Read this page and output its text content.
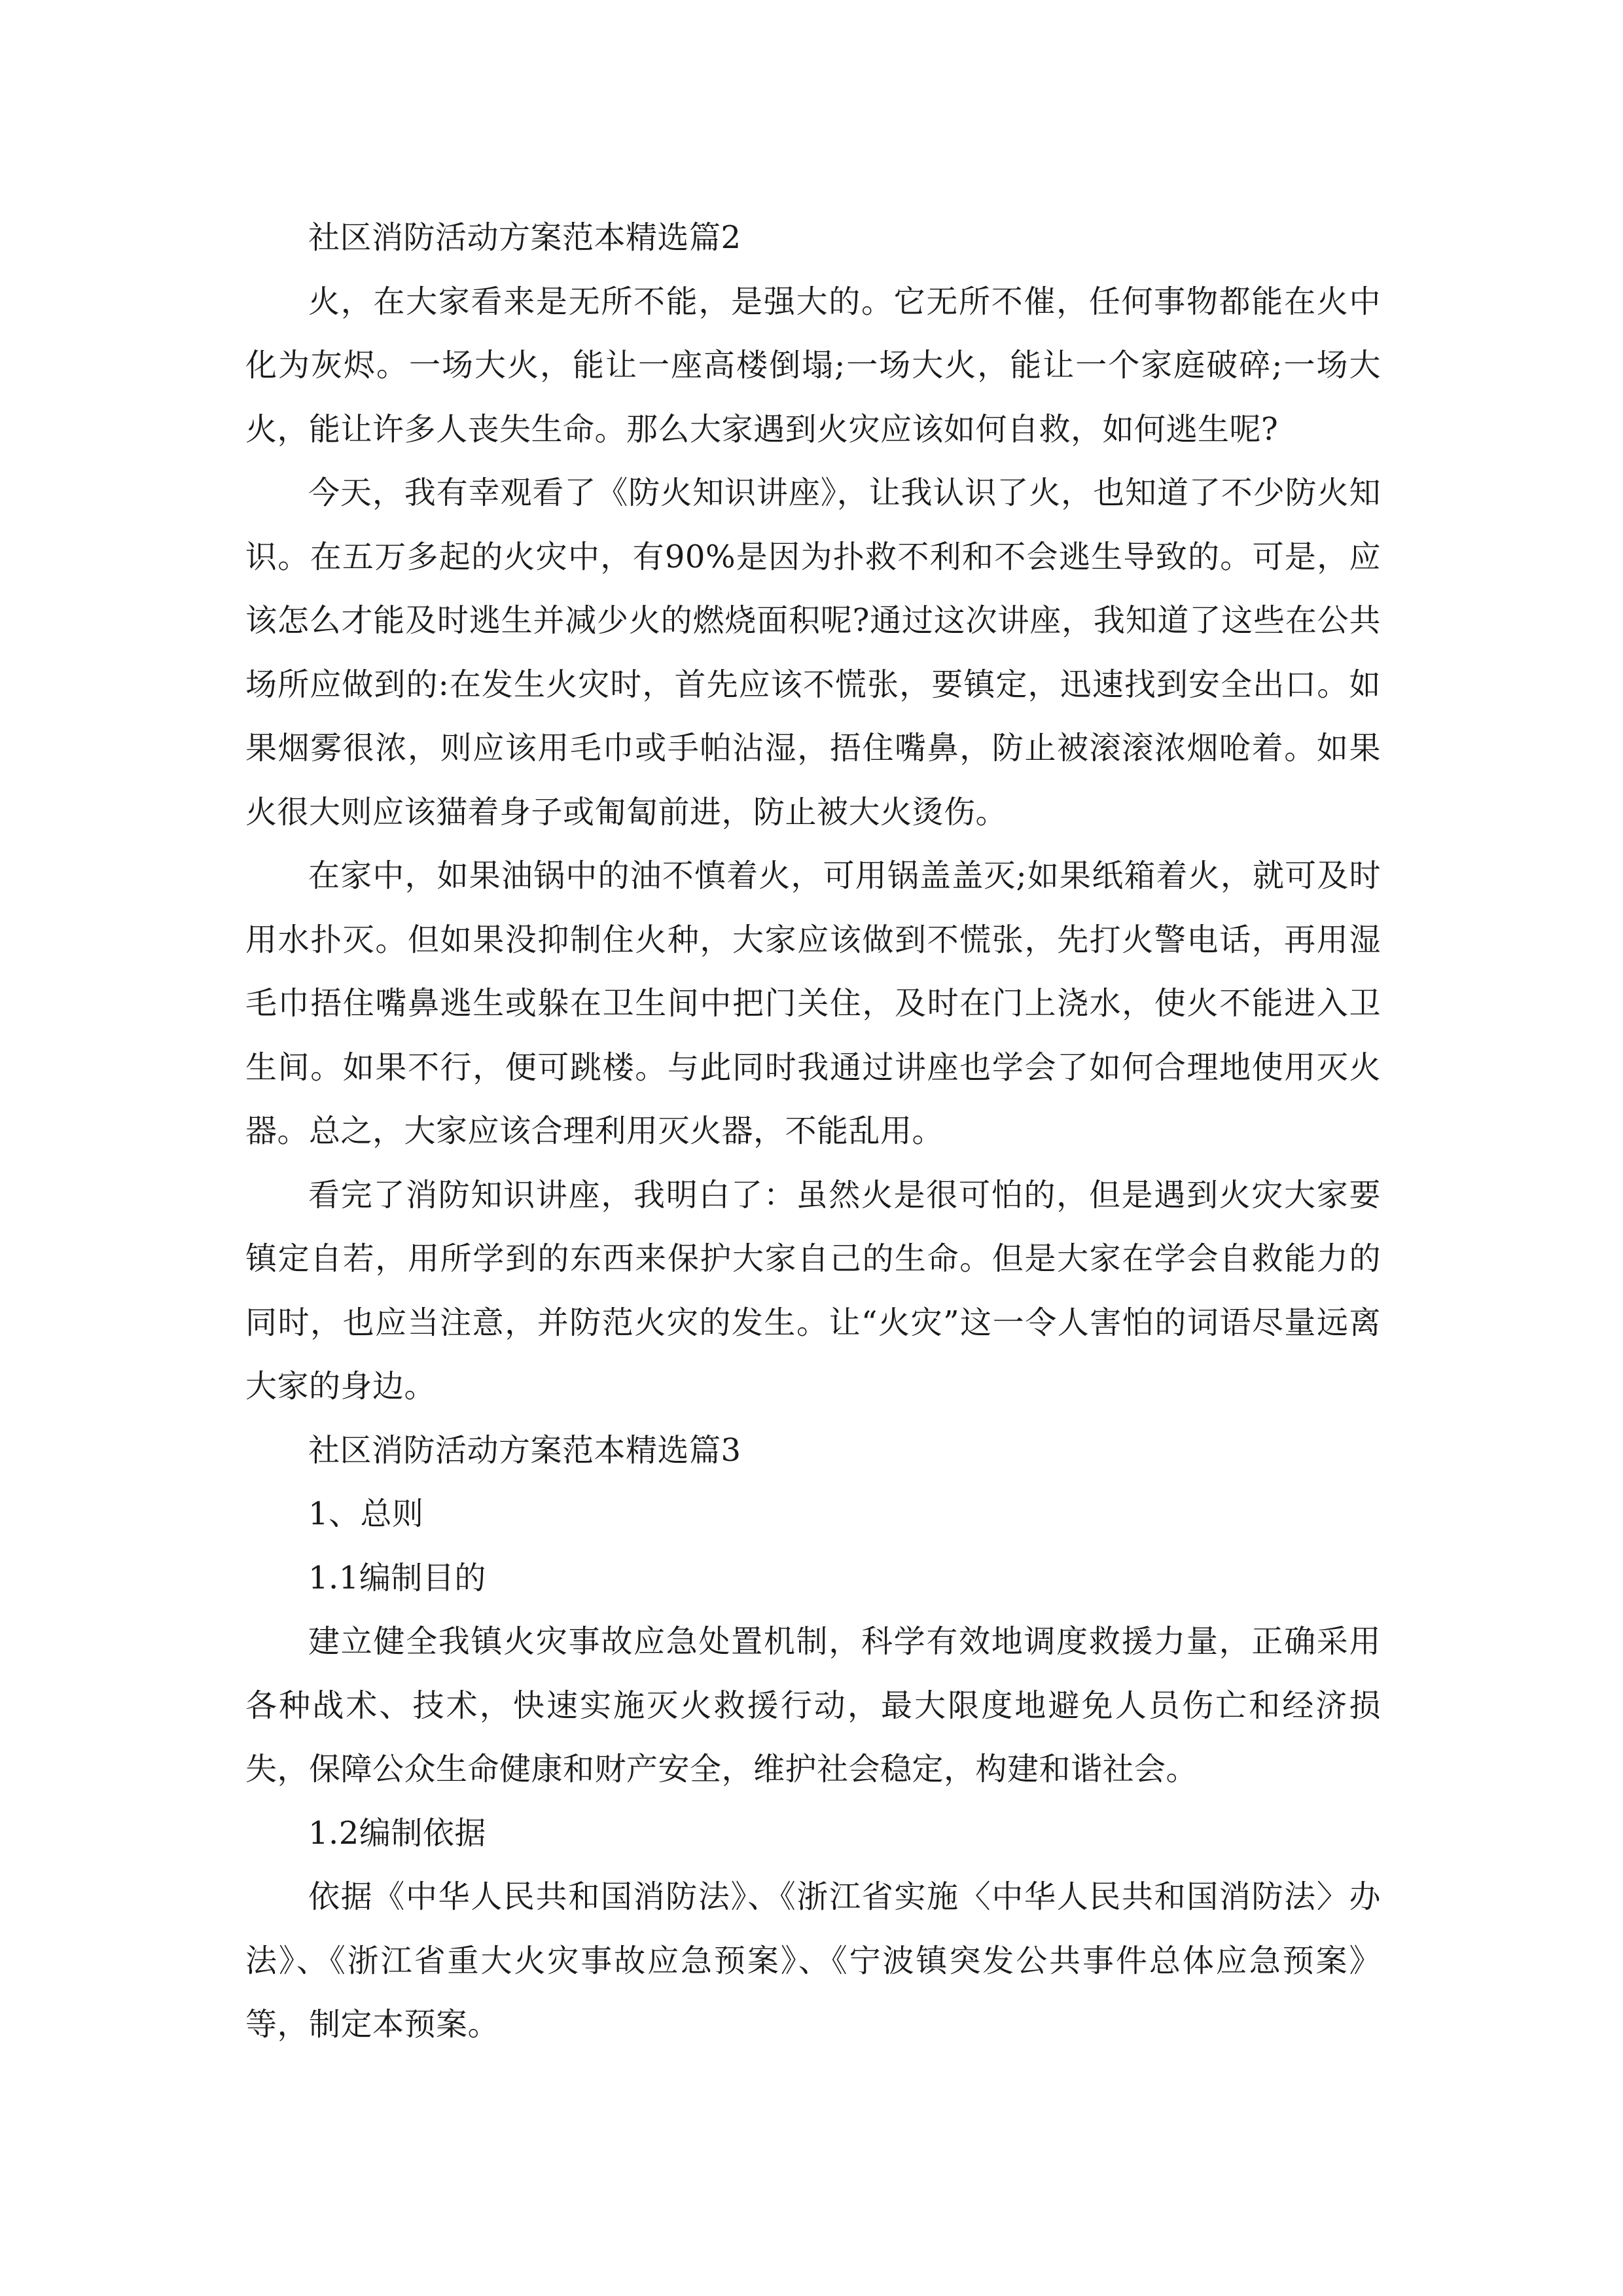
社区消防活动方案范本精选篇2

火，在大家看来是无所不能，是强大的。它无所不催，任何事物都能在火中化为灰烬。一场大火，能让一座高楼倒塌;一场大火，能让一个家庭破碎;一场大火，能让许多人丧失生命。那么大家遇到火灾应该如何自救，如何逃生呢?

今天，我有幸观看了《防火知识讲座》，让我认识了火，也知道了不少防火知识。在五万多起的火灾中，有90%是因为扑救不利和不会逃生导致的。可是，应该怎么才能及时逃生并减少火的燃烧面积呢?通过这次讲座，我知道了这些在公共场所应做到的:在发生火灾时，首先应该不慌张，要镇定，迅速找到安全出口。如果烟雾很浓，则应该用毛巾或手帕沾湿，捂住嘴鼻，防止被滚滚浓烟呛着。如果火很大则应该猫着身子或匍匐前进，防止被大火烫伤。

在家中，如果油锅中的油不慎着火，可用锅盖盖灭;如果纸箱着火，就可及时用水扑灭。但如果没抑制住火种，大家应该做到不慌张，先打火警电话，再用湿毛巾捂住嘴鼻逃生或躲在卫生间中把门关住，及时在门上浇水，使火不能进入卫生间。如果不行，便可跳楼。与此同时我通过讲座也学会了如何合理地使用灭火器。总之，大家应该合理利用灭火器，不能乱用。

看完了消防知识讲座，我明白了：虽然火是很可怕的，但是遇到火灾大家要镇定自若，用所学到的东西来保护大家自己的生命。但是大家在学会自救能力的同时，也应当注意，并防范火灾的发生。让“火灾”这一令人害怕的词语尽量远离大家的身边。

社区消防活动方案范本精选篇3

1、总则

1.1编制目的

建立健全我镇火灾事故应急处置机制，科学有效地调度救援力量，正确采用各种战术、技术，快速实施灭火救援行动，最大限度地避免人员伤亡和经济损失，保障公众生命健康和财产安全，维护社会稳定，构建和谐社会。

1.2编制依据

依据《中华人民共和国消防法》、《浙江省实施〈中华人民共和国消防法〉办法》、《浙江省重大火灾事故应急预案》、《宁波镇突发公共事件总体应急预案》等，制定本预案。
